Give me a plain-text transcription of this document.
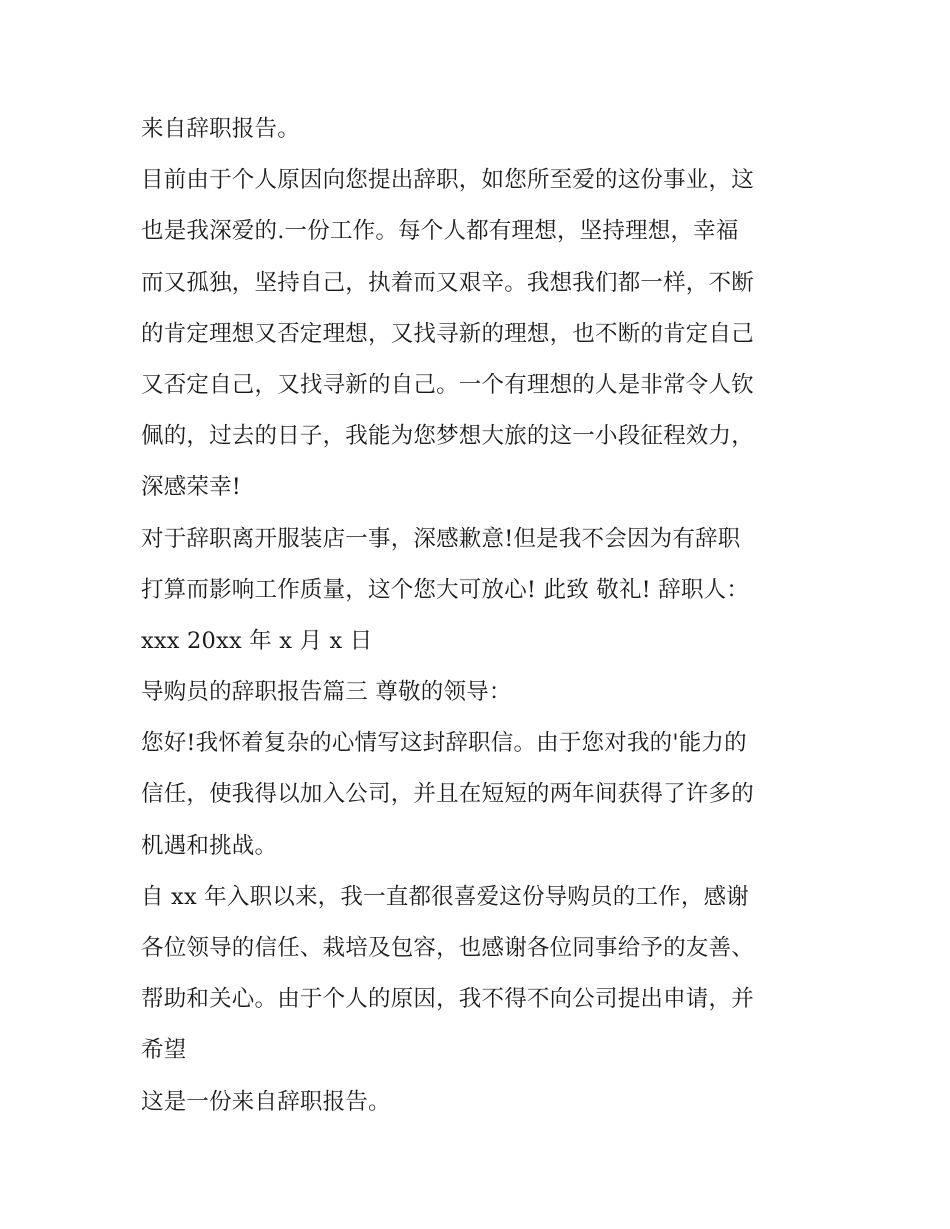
来自辞职报告。
目前由于个人原因向您提出辞职，如您所至爱的这份事业，这
也是我深爱的.一份工作。每个人都有理想，坚持理想，幸福
而又孤独，坚持自己，执着而又艰辛。我想我们都一样，不断
的肯定理想又否定理想，又找寻新的理想，也不断的肯定自己
又否定自己，又找寻新的自己。一个有理想的人是非常令人钦
佩的，过去的日子，我能为您梦想大旅的这一小段征程效力，
深感荣幸!
对于辞职离开服装店一事，深感歉意!但是我不会因为有辞职
打算而影响工作质量，这个您大可放心! 此致 敬礼! 辞职人：
xxx 20xx 年 x 月 x 日
导购员的辞职报告篇三 尊敬的领导：
您好!我怀着复杂的心情写这封辞职信。由于您对我的'能力的
信任，使我得以加入公司，并且在短短的两年间获得了许多的
机遇和挑战。
自 xx 年入职以来，我一直都很喜爱这份导购员的工作，感谢
各位领导的信任、栽培及包容，也感谢各位同事给予的友善、
帮助和关心。由于个人的原因，我不得不向公司提出申请，并
希望
这是一份来自辞职报告。
